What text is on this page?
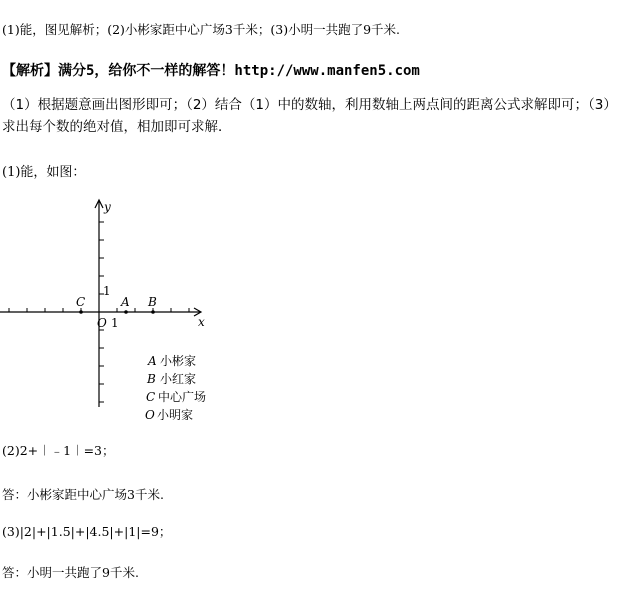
(1)能，图见解析；(2)小彬家距中心广场3千米；(3)小明一共跑了9千米.
【解析】满分5，给你不一样的解答！http://www.manfen5.com
（1）根据题意画出图形即可；（2）结合（1）中的数轴，利用数轴上两点间的距离公式求解即可；（3）求出每个数的绝对值，相加即可求解．
(1)能，如图：
y
x
O 1
1
C	A B
A 小彬家
B 小红家
C 中心广场
O 小明家
(2)2+︱﹣1︱=3；
答：小彬家距中心广场3千米.
(3)|2|+|1.5|+|4.5|+|1|=9；
答：小明一共跑了9千米.
